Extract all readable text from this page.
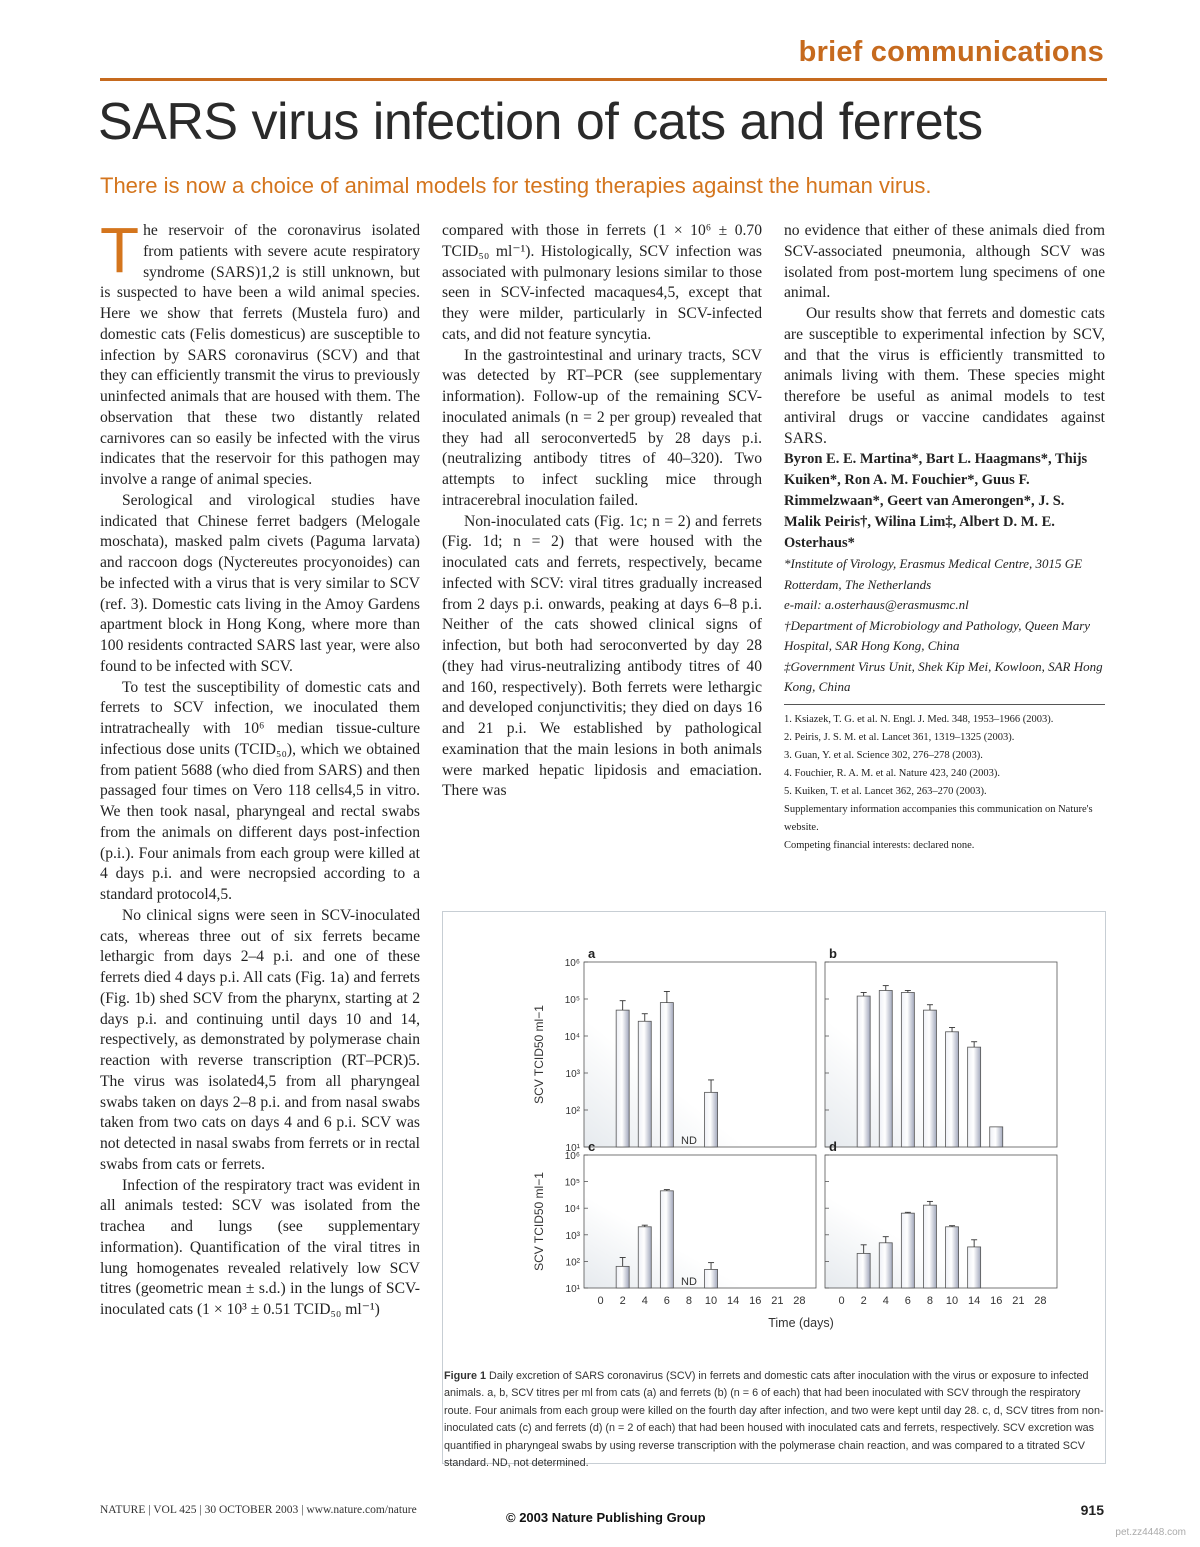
brief communications
SARS virus infection of cats and ferrets
There is now a choice of animal models for testing therapies against the human virus.

The reservoir of the coronavirus isolated from patients with severe acute respiratory syndrome (SARS)1,2 is still unknown, but is suspected to have been a wild animal species. Here we show that ferrets (Mustela furo) and domestic cats (Felis domesticus) are susceptible to infection by SARS coronavirus (SCV) and that they can efficiently transmit the virus to previously uninfected animals that are housed with them. The observation that these two distantly related carnivores can so easily be infected with the virus indicates that the reservoir for this pathogen may involve a range of animal species.

Serological and virological studies have indicated that Chinese ferret badgers (Melogale moschata), masked palm civets (Paguma larvata) and raccoon dogs (Nyctereutes procyonoides) can be infected with a virus that is very similar to SCV (ref. 3). Domestic cats living in the Amoy Gardens apartment block in Hong Kong, where more than 100 residents contracted SARS last year, were also found to be infected with SCV.

To test the susceptibility of domestic cats and ferrets to SCV infection, we inoculated them intratracheally with 10⁶ median tissue-culture infectious dose units (TCID₅₀), which we obtained from patient 5688 (who died from SARS) and then passaged four times on Vero 118 cells4,5 in vitro. We then took nasal, pharyngeal and rectal swabs from the animals on different days post-infection (p.i.). Four animals from each group were killed at 4 days p.i. and were necropsied according to a standard protocol4,5.

No clinical signs were seen in SCV-inoculated cats, whereas three out of six ferrets became lethargic from days 2–4 p.i. and one of these ferrets died 4 days p.i. All cats (Fig. 1a) and ferrets (Fig. 1b) shed SCV from the pharynx, starting at 2 days p.i. and continuing until days 10 and 14, respectively, as demonstrated by polymerase chain reaction with reverse transcription (RT–PCR)5. The virus was isolated4,5 from all pharyngeal swabs taken on days 2–8 p.i. and from nasal swabs taken from two cats on days 4 and 6 p.i. SCV was not detected in nasal swabs from ferrets or in rectal swabs from cats or ferrets.

Infection of the respiratory tract was evident in all animals tested: SCV was isolated from the trachea and lungs (see supplementary information). Quantification of the viral titres in lung homogenates revealed relatively low SCV titres (geometric mean ± s.d.) in the lungs of SCV-inoculated cats (1 × 10³ ± 0.51 TCID₅₀ ml⁻¹)

compared with those in ferrets (1 × 10⁶ ± 0.70 TCID₅₀ ml⁻¹). Histologically, SCV infection was associated with pulmonary lesions similar to those seen in SCV-infected macaques4,5, except that they were milder, particularly in SCV-infected cats, and did not feature syncytia.

In the gastrointestinal and urinary tracts, SCV was detected by RT–PCR (see supplementary information). Follow-up of the remaining SCV-inoculated animals (n = 2 per group) revealed that they had all seroconverted5 by 28 days p.i. (neutralizing antibody titres of 40–320). Two attempts to infect suckling mice through intracerebral inoculation failed.

Non-inoculated cats (Fig. 1c; n = 2) and ferrets (Fig. 1d; n = 2) that were housed with the inoculated cats and ferrets, respectively, became infected with SCV: viral titres gradually increased from 2 days p.i. onwards, peaking at days 6–8 p.i. Neither of the cats showed clinical signs of infection, but both had seroconverted by day 28 (they had virus-neutralizing antibody titres of 40 and 160, respectively). Both ferrets were lethargic and developed conjunctivitis; they died on days 16 and 21 p.i. We established by pathological examination that the main lesions in both animals were marked hepatic lipidosis and emaciation. There was

no evidence that either of these animals died from SCV-associated pneumonia, although SCV was isolated from post-mortem lung specimens of one animal.

Our results show that ferrets and domestic cats are susceptible to experimental infection by SCV, and that the virus is efficiently transmitted to animals living with them. These species might therefore be useful as animal models to test antiviral drugs or vaccine candidates against SARS.

Byron E. E. Martina*, Bart L. Haagmans*, Thijs Kuiken*, Ron A. M. Fouchier*, Guus F. Rimmelzwaan*, Geert van Amerongen*, J. S. Malik Peiris†, Wilina Lim‡, Albert D. M. E. Osterhaus*
*Institute of Virology, Erasmus Medical Centre, 3015 GE Rotterdam, The Netherlands
e-mail: a.osterhaus@erasmusmc.nl
†Department of Microbiology and Pathology, Queen Mary Hospital, SAR Hong Kong, China
‡Government Virus Unit, Shek Kip Mei, Kowloon, SAR Hong Kong, China
1. Ksiazek, T. G. et al. N. Engl. J. Med. 348, 1953–1966 (2003).
2. Peiris, J. S. M. et al. Lancet 361, 1319–1325 (2003).
3. Guan, Y. et al. Science 302, 276–278 (2003).
4. Fouchier, R. A. M. et al. Nature 423, 240 (2003).
5. Kuiken, T. et al. Lancet 362, 263–270 (2003).
Supplementary information accompanies this communication on Nature's website.
Competing financial interests: declared none.
a
10¹
10²
10³
10⁴
10⁵
10⁶
SCV TCID50 ml−1
ND
b
c
10¹
10²
10³
10⁴
10⁵
10⁶
SCV TCID50 ml−1
0 2 4 6 8 10 14 16 21 28
ND
d
0 2 4 6 8 10 14 16 21 28
Time (days)
Figure 1 Daily excretion of SARS coronavirus (SCV) in ferrets and domestic cats after inoculation with the virus or exposure to infected animals. a, b, SCV titres per ml from cats (a) and ferrets (b) (n = 6 of each) that had been inoculated with SCV through the respiratory route. Four animals from each group were killed on the fourth day after infection, and two were kept until day 28. c, d, SCV titres from non-inoculated cats (c) and ferrets (d) (n = 2 of each) that had been housed with inoculated cats and ferrets, respectively. SCV excretion was quantified in pharyngeal swabs by using reverse transcription with the polymerase chain reaction, and was compared to a titrated SCV standard. ND, not determined.
NATURE | VOL 425 | 30 OCTOBER 2003 | www.nature.com/nature	© 2003 Nature Publishing Group	915
pet.zz4448.com
